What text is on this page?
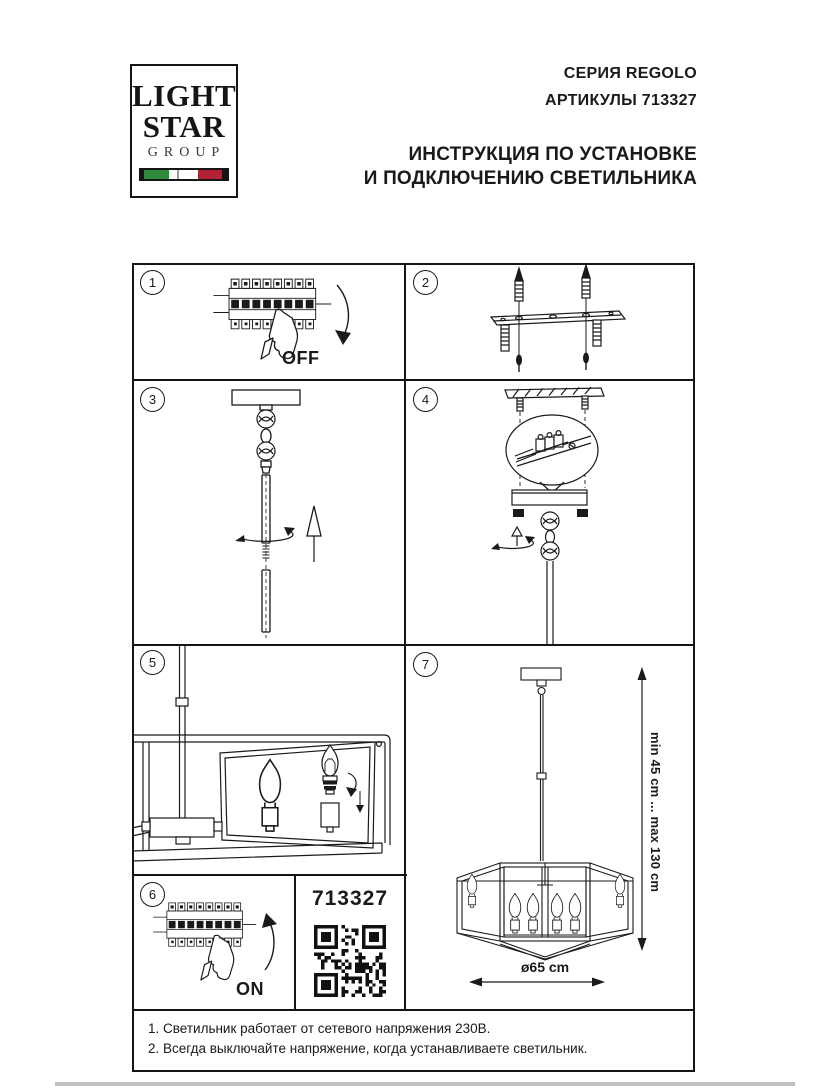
LIGHT
STAR
GROUP
СЕРИЯ REGOLO
АРТИКУЛЫ 713327
ИНСТРУКЦИЯ ПО УСТАНОВКЕ
И ПОДКЛЮЧЕНИЮ СВЕТИЛЬНИКА
1
OFF
2
3	4
5
6
ON
713327
7
min 45 cm ... max 130 cm
ø65 cm
1. Светильник работает от сетевого напряжения 230В.
2. Всегда выключайте напряжение, когда устанавливаете светильник.
